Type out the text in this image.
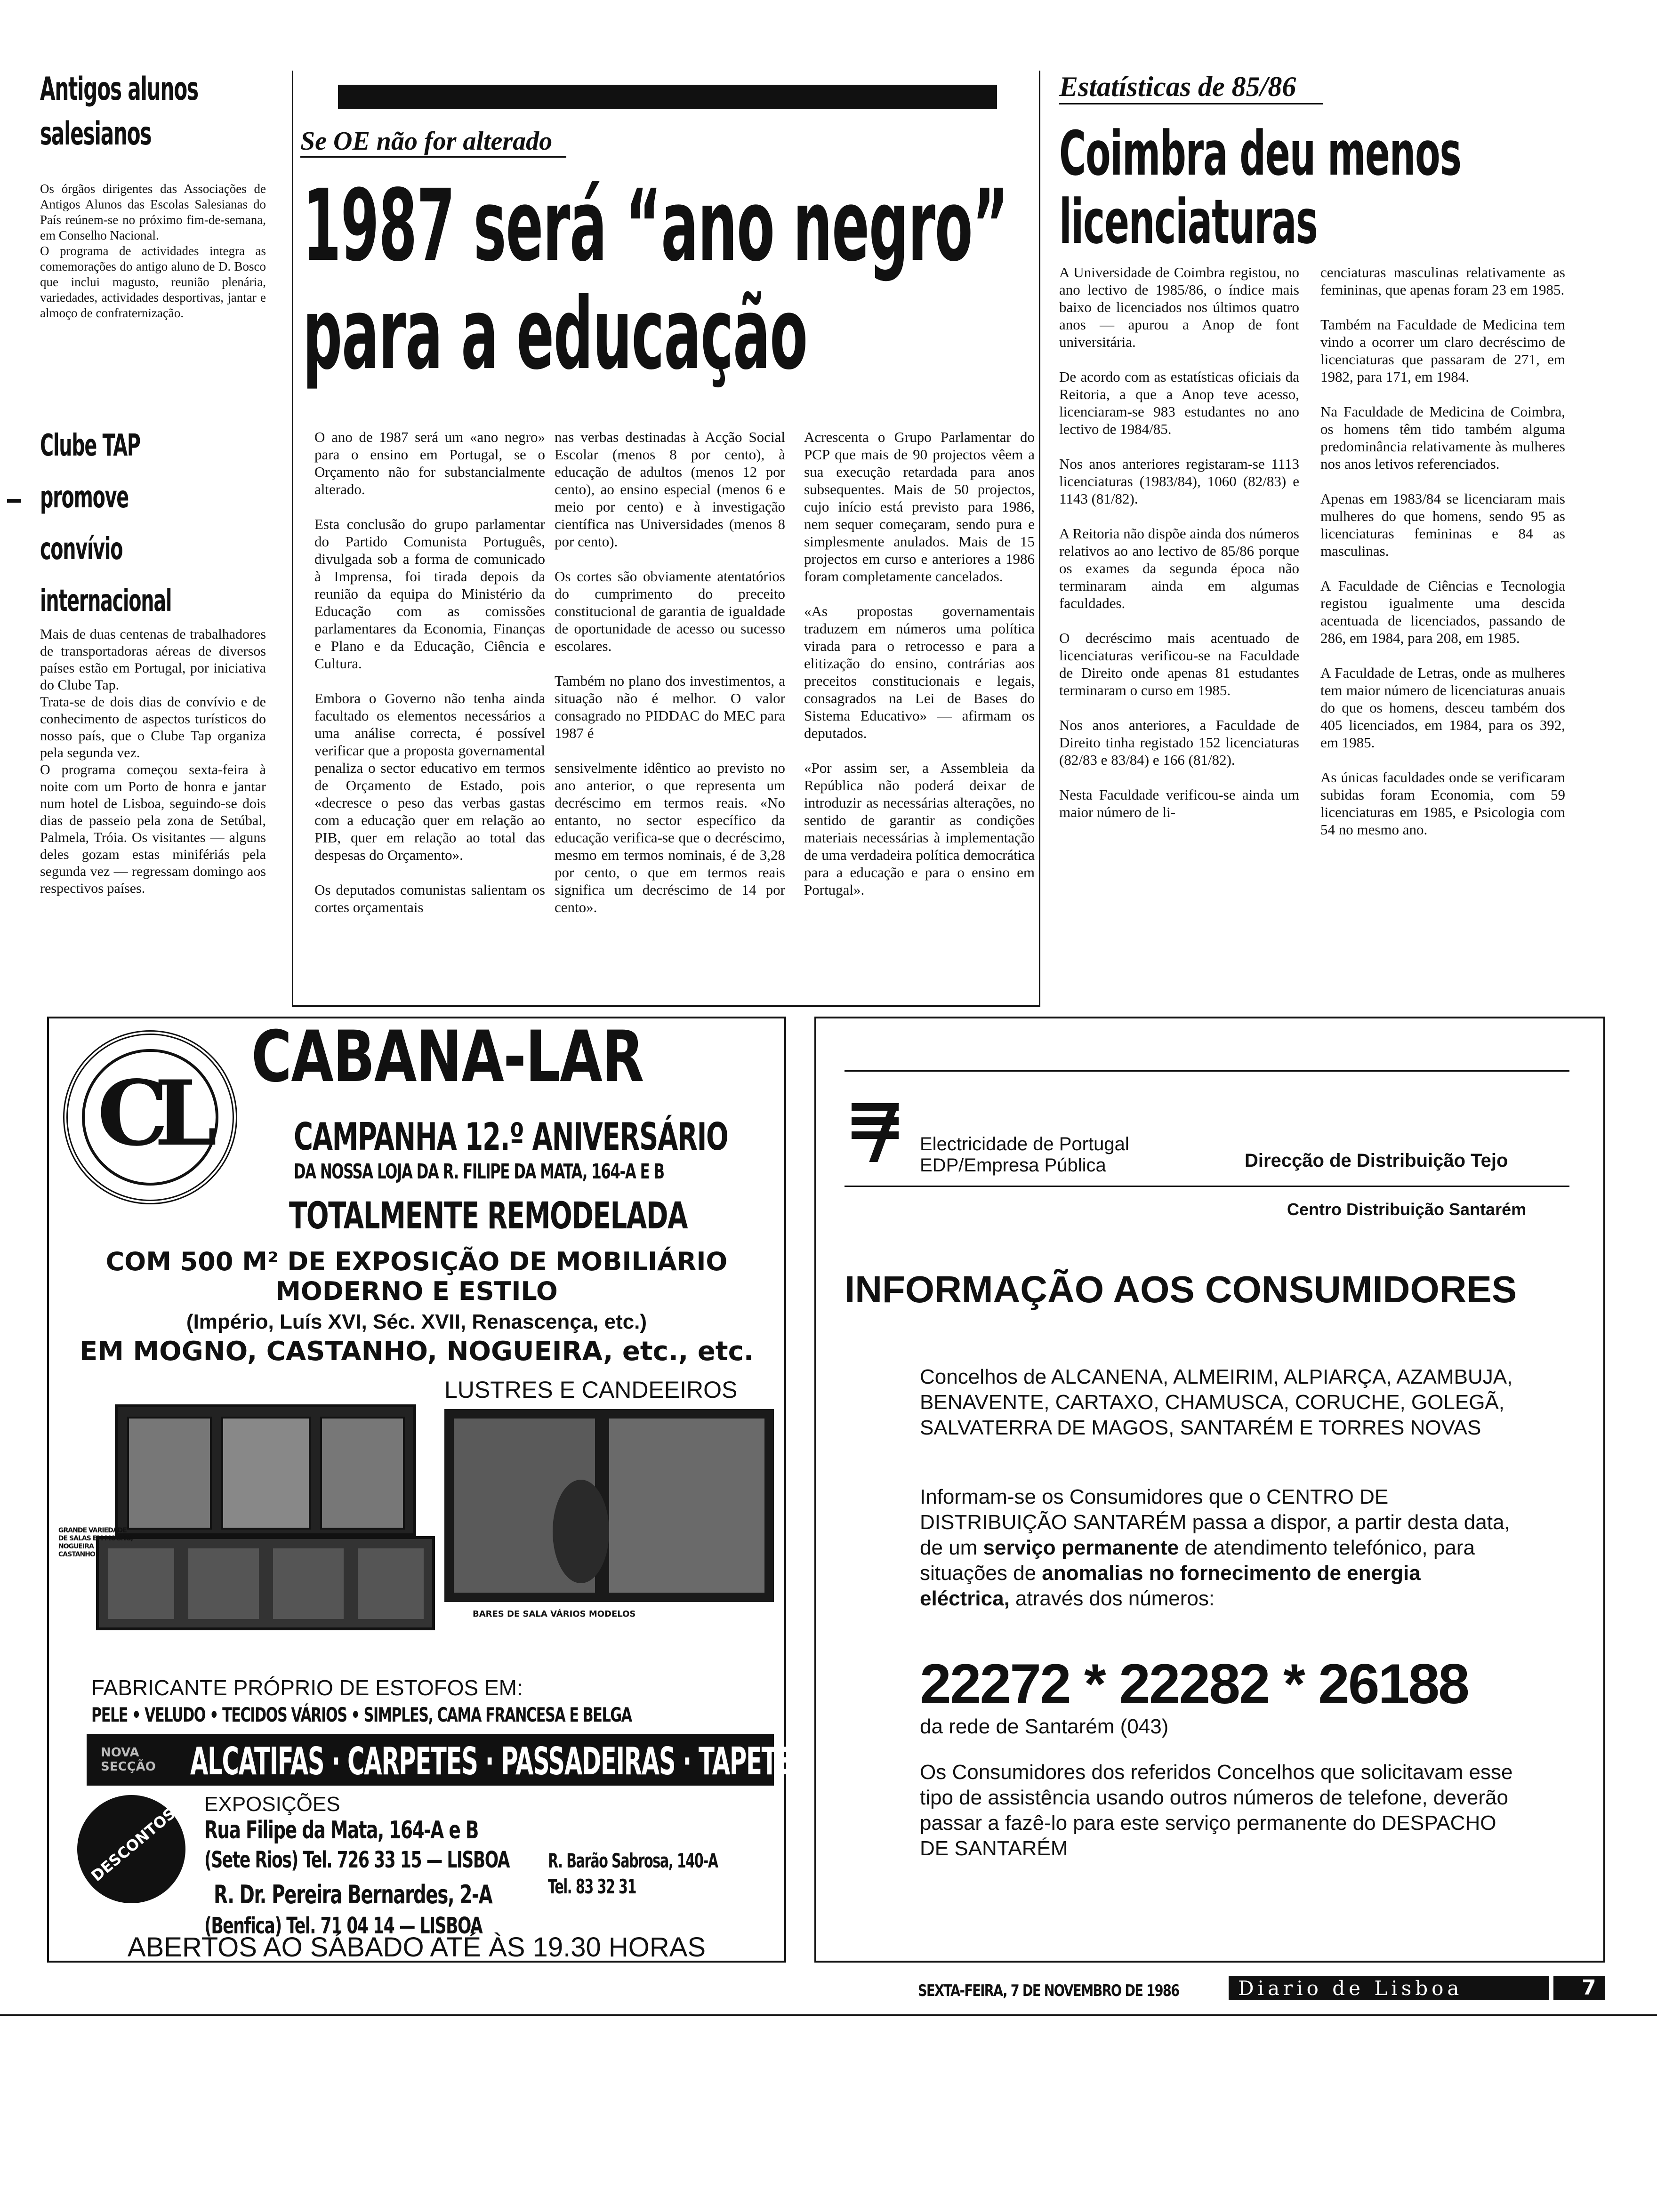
Antigos alunos
salesianos
Os órgãos dirigentes das Associações de Antigos Alunos das Escolas Salesianas do País reúnem-se no próximo fim-de-semana, em Conselho Nacional.
O programa de actividades integra as comemorações do antigo aluno de D. Bosco que inclui magusto, reunião plenária, variedades, actividades desportivas, jantar e almoço de confraternização.
Clube TAP
promove
convívio
internacional
Mais de duas centenas de trabalhadores de transportadoras aéreas de diversos países estão em Portugal, por iniciativa do Clube Tap.
Trata-se de dois dias de convívio e de conhecimento de aspectos turísticos do nosso país, que o Clube Tap organiza pela segunda vez.
O programa começou sexta-feira à noite com um Porto de honra e jantar num hotel de Lisboa, seguindo-se dois dias de passeio pela zona de Setúbal, Palmela, Tróia. Os visitantes — alguns deles gozam estas minifériás pela segunda vez — regressam domingo aos respectivos países.
Se OE não for alterado
1987 será “ano negro”
para a educação
O ano de 1987 será um «ano negro» para o ensino em Portugal, se o Orçamento não for substancialmente alterado.

Esta conclusão do grupo parlamentar do Partido Comunista Português, divulgada sob a forma de comunicado à Imprensa, foi tirada depois da reunião da equipa do Ministério da Educação com as comissões parlamentares da Economia, Finanças e Plano e da Educação, Ciência e Cultura.

Embora o Governo não tenha ainda facultado os elementos necessários a uma análise correcta, é possível verificar que a proposta governamental penaliza o sector educativo em termos de Orçamento de Estado, pois «decresce o peso das verbas gastas com a educação quer em relação ao PIB, quer em relação ao total das despesas do Orçamento».

Os deputados comunistas salientam os cortes orçamentais
nas verbas destinadas à Acção Social Escolar (menos 8 por cento), à educação de adultos (menos 12 por cento), ao ensino especial (menos 6 e meio por cento) e à investigação científica nas Universidades (menos 8 por cento).

Os cortes são obviamente atentatórios do cumprimento do preceito constitucional de garantia de igualdade de oportunidade de acesso ou sucesso escolares.

Também no plano dos investimentos, a situação não é melhor. O valor consagrado no PIDDAC do MEC para 1987 é

sensivelmente idêntico ao previsto no ano anterior, o que representa um decréscimo em termos reais. «No entanto, no sector específico da educação verifica-se que o decréscimo, mesmo em termos nominais, é de 3,28 por cento, o que em termos reais significa um decréscimo de 14 por cento».
Acrescenta o Grupo Parlamentar do PCP que mais de 90 projectos vêem a sua execução retardada para anos subsequentes. Mais de 50 projectos, cujo início está previsto para 1986, nem sequer começaram, sendo pura e simplesmente anulados. Mais de 15 projectos em curso e anteriores a 1986 foram completamente cancelados.

«As propostas governamentais traduzem em números uma política virada para o retrocesso e para a elitização do ensino, contrárias aos preceitos constitucionais e legais, consagrados na Lei de Bases do Sistema Educativo» — afirmam os deputados.

«Por assim ser, a Assembleia da República não poderá deixar de introduzir as necessárias alterações, no sentido de garantir as condições materiais necessárias à implementação de uma verdadeira política democrática para a educação e para o ensino em Portugal».
Estatísticas de 85/86
Coimbra deu menos
licenciaturas
A Universidade de Coimbra registou, no ano lectivo de 1985/86, o índice mais baixo de licenciados nos últimos quatro anos — apurou a Anop de font universitária.

De acordo com as estatísticas oficiais da Reitoria, a que a Anop teve acesso, licenciaram-se 983 estudantes no ano lectivo de 1984/85.

Nos anos anteriores registaram-se 1113 licenciaturas (1983/84), 1060 (82/83) e 1143 (81/82).

A Reitoria não dispõe ainda dos números relativos ao ano lectivo de 85/86 porque os exames da segunda época não terminaram ainda em algumas faculdades.

O decréscimo mais acentuado de licenciaturas verificou-se na Faculdade de Direito onde apenas 81 estudantes terminaram o curso em 1985.

Nos anos anteriores, a Faculdade de Direito tinha registado 152 licenciaturas (82/83 e 83/84) e 166 (81/82).

Nesta Faculdade verificou-se ainda um maior número de li-
cenciaturas masculinas relativamente as femininas, que apenas foram 23 em 1985.

Também na Faculdade de Medicina tem vindo a ocorrer um claro decréscimo de licenciaturas que passaram de 271, em 1982, para 171, em 1984.

Na Faculdade de Medicina de Coimbra, os homens têm tido também alguma predominância relativamente às mulheres nos anos letivos referenciados.

Apenas em 1983/84 se licenciaram mais mulheres do que homens, sendo 95 as licenciaturas femininas e 84 as masculinas.

A Faculdade de Ciências e Tecnologia registou igualmente uma descida acentuada de licenciados, passando de 286, em 1984, para 208, em 1985.

A Faculdade de Letras, onde as mulheres tem maior número de licenciaturas anuais do que os homens, desceu também dos 405 licenciados, em 1984, para os 392, em 1985.

As únicas faculdades onde se verificaram subidas foram Economia, com 59 licenciaturas em 1985, e Psicologia com 54 no mesmo ano.
CL
CABANA-LAR
CAMPANHA 12.º ANIVERSÁRIO
DA NOSSA LOJA DA R. FILIPE DA MATA, 164-A E B
TOTALMENTE REMODELADA
COM 500 M² DE EXPOSIÇÃO DE MOBILIÁRIO
MODERNO E ESTILO
(Império, Luís XVI, Séc. XVII, Renascença, etc.)
EM MOGNO, CASTANHO, NOGUEIRA, etc., etc.
GRANDE VARIEDADE DE SALAS EM MOGNO, NOGUEIRA E CASTANHO
LUSTRES E CANDEEIROS
BARES DE SALA VÁRIOS MODELOS
FABRICANTE PRÓPRIO DE ESTOFOS EM:
PELE • VELUDO • TECIDOS VÁRIOS • SIMPLES, CAMA FRANCESA E BELGA
NOVA SECÇÃO ALCATIFAS · CARPETES · PASSADEIRAS · TAPETES
DESCONTOS
EXPOSIÇÕES
Rua Filipe da Mata, 164-A e B
(Sete Rios) Tel. 726 33 15 — LISBOA R. Barão Sabrosa, 140-A
Tel. 83 32 31
R. Dr. Pereira Bernardes, 2-A
(Benfica) Tel. 71 04 14 — LISBOA
ABERTOS AO SÁBADO ATÉ ÀS 19.30 HORAS
Electricidade de Portugal
EDP/Empresa Pública	Direcção de Distribuição Tejo
Centro Distribuição Santarém
INFORMAÇÃO AOS CONSUMIDORES
Concelhos de ALCANENA, ALMEIRIM, ALPIARÇA, AZAMBUJA, BENAVENTE, CARTAXO, CHAMUSCA, CORUCHE, GOLEGÃ, SALVATERRA DE MAGOS, SANTARÉM E TORRES NOVAS
Informam-se os Consumidores que o CENTRO DE DISTRIBUIÇÃO SANTARÉM passa a dispor, a partir desta data, de um serviço permanente de atendimento telefónico, para situações de anomalias no fornecimento de energia eléctrica, através dos números:
22272 * 22282 * 26188
da rede de Santarém (043)
Os Consumidores dos referidos Concelhos que solicitavam esse tipo de assistência usando outros números de telefone, deverão passar a fazê-lo para este serviço permanente do DESPACHO DE SANTARÉM
SEXTA-FEIRA, 7 DE NOVEMBRO DE 1986	Diario de Lisboa	7
